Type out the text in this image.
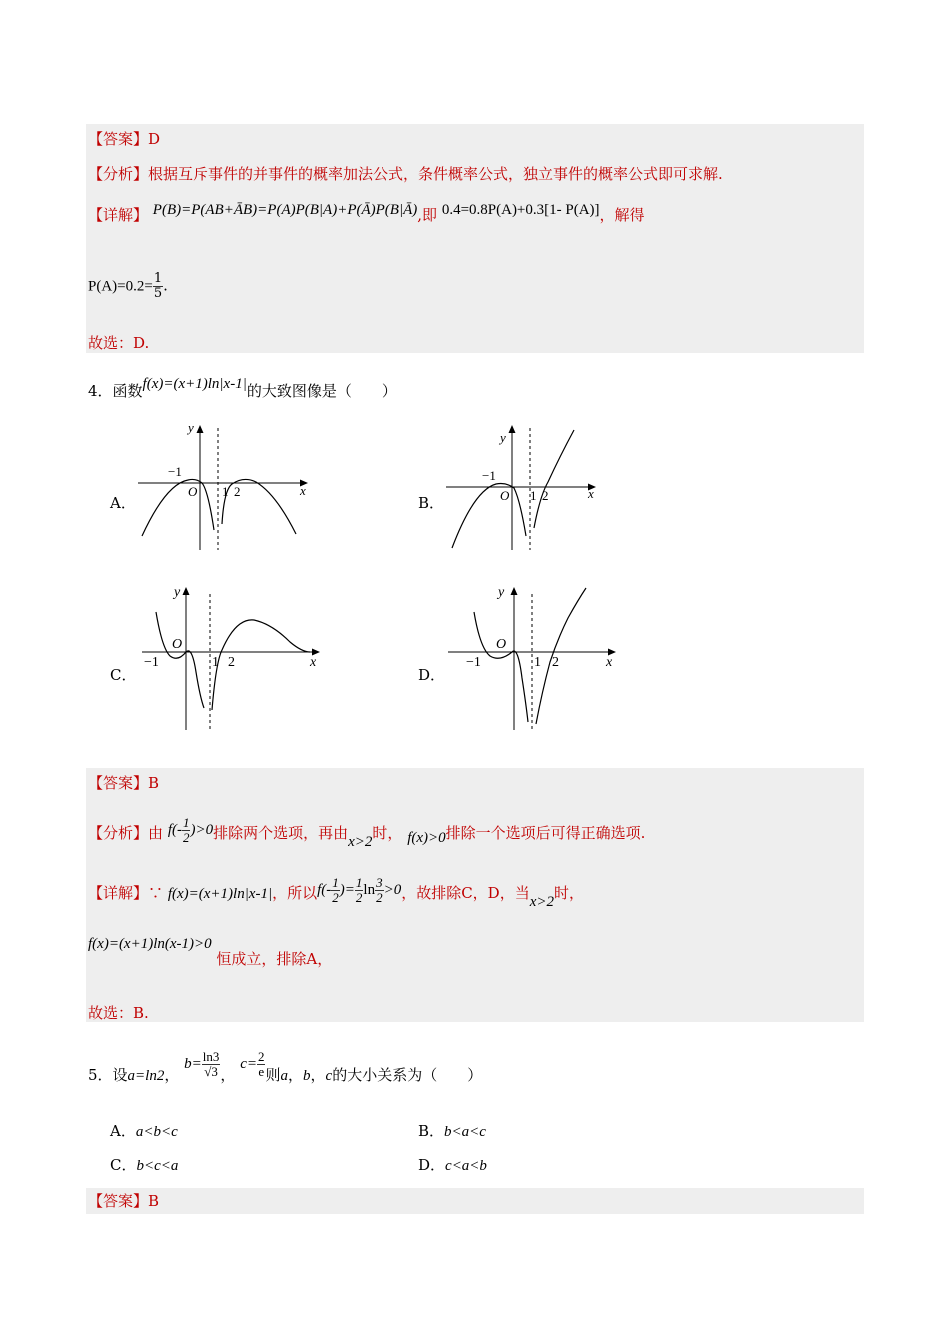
【答案】D
【分析】根据互斥事件的并事件的概率加法公式，条件概率公式，独立事件的概率公式即可求解.
【详解】 P(B)=P(AB+ĀB)=P(A)P(B|A)+P(Ā)P(B|Ā),即 0.4=0.8P(A)+0.3[1- P(A)]，解得
$P(A)=0.2= \frac{1}{5}$ .
故选：D.
4．函数f(x)=(x+1)ln|x-1|的大致图像是（　　）
A．	B．
C．	D．
y
x
O
−1
1 2
y
x
O
−1
1 2
y
x
O
−1	1 2
y
x
O
−1	1 2
【答案】B
【分析】由 $f(- \frac{1}{2} )>0$排除两个选项，再由x>2时， f(x)>0排除一个选项后可得正确选项.
【详解】∵ f(x)=(x+1)ln|x-1|，所以$f(- \frac{1}{2}$ )= $\frac{1}{2}$ $\ln \frac{3}{2} >0$，故排除C，D，当x>2时，
f(x)=(x+1)ln(x-1)>0 恒成立，排除A，
故选：B.
5．设a=ln2， $b= \frac{\ln 3}{√3}$ ， $c= \frac{2}{e}$ 则a，b，c的大小关系为（　　）
A．a<b<c	B．b<a<c
C．b<c<a	D．c<a<b
【答案】B
